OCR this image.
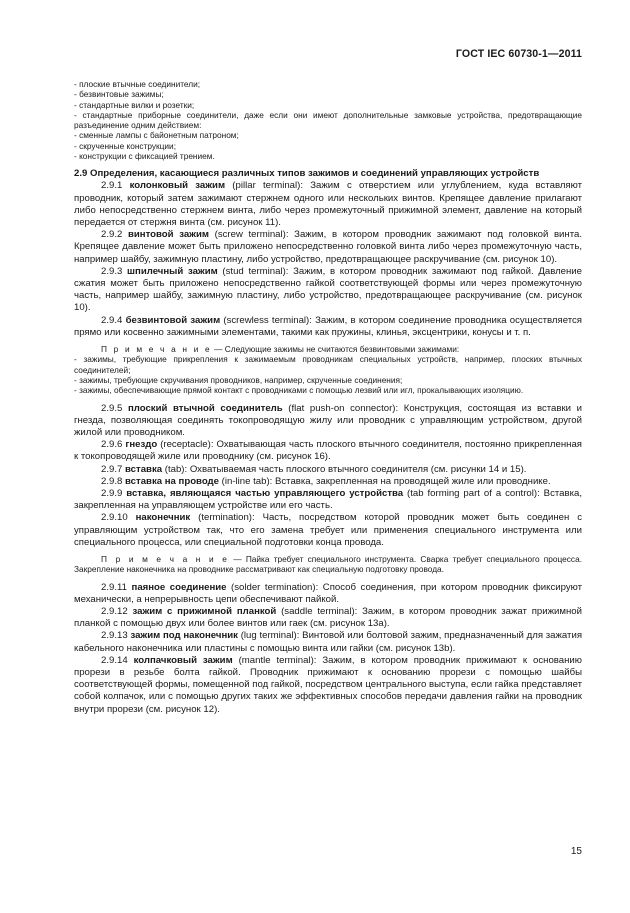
ГОСТ IEC 60730-1—2011

- плоские втычные соединители;

- безвинтовые зажимы;

- стандартные вилки и розетки;

- стандартные приборные соединители, даже если они имеют дополнительные замковые устройства, предотвращающие разъединение одним действием:

- сменные лампы с байонетным патроном;

- скрученные конструкции;

- конструкции с фиксацией трением.

2.9 Определения, касающиеся различных типов зажимов и соединений управляющих устройств

2.9.1 колонковый зажим (pillar terminal): Зажим с отверстием или углублением, куда вставляют проводник, который затем зажимают стержнем одного или нескольких винтов. Крепящее давление прилагают либо непосредственно стержнем винта, либо через промежуточный прижимной элемент, давление на который передается от стержня винта (см. рисунок 11).

2.9.2 винтовой зажим (screw terminal): Зажим, в котором проводник зажимают под головкой винта. Крепящее давление может быть приложено непосредственно головкой винта либо через промежуточную часть, например шайбу, зажимную пластину, либо устройство, предотвращающее раскручивание (см. рисунок 10).

2.9.3 шпилечный зажим (stud terminal): Зажим, в котором проводник зажимают под гайкой. Давление сжатия может быть приложено непосредственно гайкой соответствующей формы или через промежуточную часть, например шайбу, зажимную пластину, либо устройство, предотвращающее раскручивание (см. рисунок 10).

2.9.4 безвинтовой зажим (screwless terminal): Зажим, в котором соединение проводника осуществляется прямо или косвенно зажимными элементами, такими как пружины, клинья, эксцентрики, конусы и т. п.

П р и м е ч а н и е — Следующие зажимы не считаются безвинтовыми зажимами:

- зажимы, требующие прикрепления к зажимаемым проводникам специальных устройств, например, плоских втычных соединителей;

- зажимы, требующие скручивания проводников, например, скрученные соединения;

- зажимы, обеспечивающие прямой контакт с проводниками с помощью лезвий или игл, прокалывающих изоляцию.

2.9.5 плоский втычной соединитель (flat push-on connector): Конструкция, состоящая из вставки и гнезда, позволяющая соединять токопроводящую жилу или проводник с управляющим устройством, другой жилой или проводником.

2.9.6 гнездо (receptacle): Охватывающая часть плоского втычного соединителя, постоянно прикрепленная к токопроводящей жиле или проводнику (см. рисунок 16).

2.9.7 вставка (tab): Охватываемая часть плоского втычного соединителя (см. рисунки 14 и 15).

2.9.8 вставка на проводе (in-line tab): Вставка, закрепленная на проводящей жиле или проводнике.

2.9.9 вставка, являющаяся частью управляющего устройства (tab forming part of a control): Вставка, закрепленная на управляющем устройстве или его часть.

2.9.10 наконечник (termination): Часть, посредством которой проводник может быть соединен с управляющим устройством так, что его замена требует или применения специального инструмента или специального процесса, или специальной подготовки конца провода.

П р и м е ч а н и е — Пайка требует специального инструмента. Сварка требует специального процесса. Закрепление наконечника на проводнике рассматривают как специальную подготовку провода.

2.9.11 паяное соединение (solder termination): Способ соединения, при котором проводник фиксируют механически, а непрерывность цепи обеспечивают пайкой.

2.9.12 зажим с прижимной планкой (saddle terminal): Зажим, в котором проводник зажат прижимной планкой с помощью двух или более винтов или гаек (см. рисунок 13а).

2.9.13 зажим под наконечник (lug terminal): Винтовой или болтовой зажим, предназначенный для зажатия кабельного наконечника или пластины с помощью винта или гайки (см. рисунок 13b).

2.9.14 колпачковый зажим (mantle terminal): Зажим, в котором проводник прижимают к основанию прорези в резьбе болта гайкой. Проводник прижимают к основанию прорези с помощью шайбы соответствующей формы, помещенной под гайкой, посредством центрального выступа, если гайка представляет собой колпачок, или с помощью других таких же эффективных способов передачи давления гайки на проводник внутри прорези (см. рисунок 12).

15
